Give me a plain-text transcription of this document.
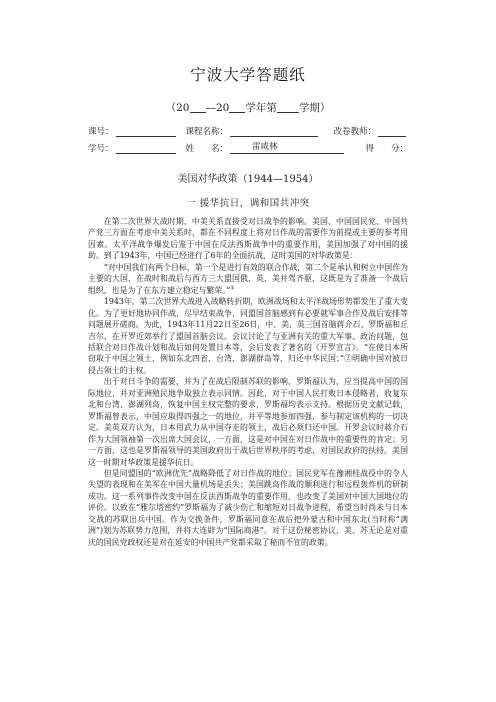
宁波大学答题纸
（20 —20 学年第 学期）
课号：	课程名称：	改卷教师：
学号：	姓　　名：	雷咸林	得　　分：
美国对华政策（1944—1954）
一 援华抗日，调和国共冲突

在第二次世界大战时期，中美关系直接受对日战争的影响。美国、中国国民党、中国共产党三方面在考虑中美关系时，都在不同程度上将对日作战的需要作为前提或主要的参考用因素。太平洋战争爆发后鉴于中国在反法西斯战争中的重要作用，美国加强了对中国的援助。到了1943年，中国已经进行了6年的全面抗战，这时美国的对华政策是：

“对中国我们有两个目标，第一个是进行有效的联合作战，第二个是承认和树立中国作为主要的大国，在战时和战后与西方三大盟国俄、英、美并驾齐驱，这既是为了准备一个战后组织，也是为了在东方建立稳定与繁荣。”①

1943年，第二次世界大战进入战略转折期，欧洲战场和太平洋战场形势都发生了重大变化。为了更好地协同作战，尽早结束战争，同盟国首脑感到有必要就军事合作及战后安排等问题展开磋商。为此，1943年11月22日至26日，中、美、英三国首脑蒋介石、罗斯福和丘吉尔，在开罗近郊举行了盟国首脑会议。会议讨论了与亚洲有关的重大军事、政治问题，包括联合对日作战计划和战后如何处置日本等，会后发表了著名的《开罗宣言》。“在使日本所窃取于中国之领土，例如东北四省、台湾、澎湖群岛等，归还中华民国；”②明确中国对被日侵占领土的主权。

出于对日斗争的需要，并为了在战后限制苏联的影响，罗斯福认为，应当提高中国的国际地位，并对亚洲殖民地争取独立表示同情。因此，对于中国人民打败日本侵略者，收复东北和台湾、澎湖列岛，恢复中国主权完整的要求，罗斯福均表示支持。根据历史文献记载，罗斯福曾表示，中国应取得四强之一的地位，并平等地参加四强，参与制定该机构的一切决定。美英双方认为，日本用武力从中国夺走的领土，战后必须归还中国。开罗会议时蒋介石作为大国领袖第一次出席大国会议，一方面，这是对中国在对日作战中的重要性的肯定；另一方面，这也是罗斯福领导的美国政府出于战后世界秩序的考虑，对国民政府的扶持。美国这一时期对华政策是援华抗日。

但是同盟国的“欧洲优先”战略降低了对日作战的地位；国民党军在豫湘桂战役中的令人失望的表现和在美军在中国大量机场是丢失；美国跳岛作战的顺利进行和远程轰炸机的研制成功。这一系列事件改变中国在反法西斯战争的重要作用，也改变了美国对中国大国地位的评价。以致在“雅尔塔密约”罗斯福为了减少伤亡和缩短对日战争进程，希望当时尚未与日本交战的苏联出兵中国。作为交换条件，罗斯福同意在战后把外蒙古和中国东北(当时称“满洲”)划为苏联势力范围，并将大连辟为“国际商港”。对于这份秘密协议，美、苏无论是对重庆的国民党政权还是对在延安的中国共产党都采取了秘而不宣的政策。
